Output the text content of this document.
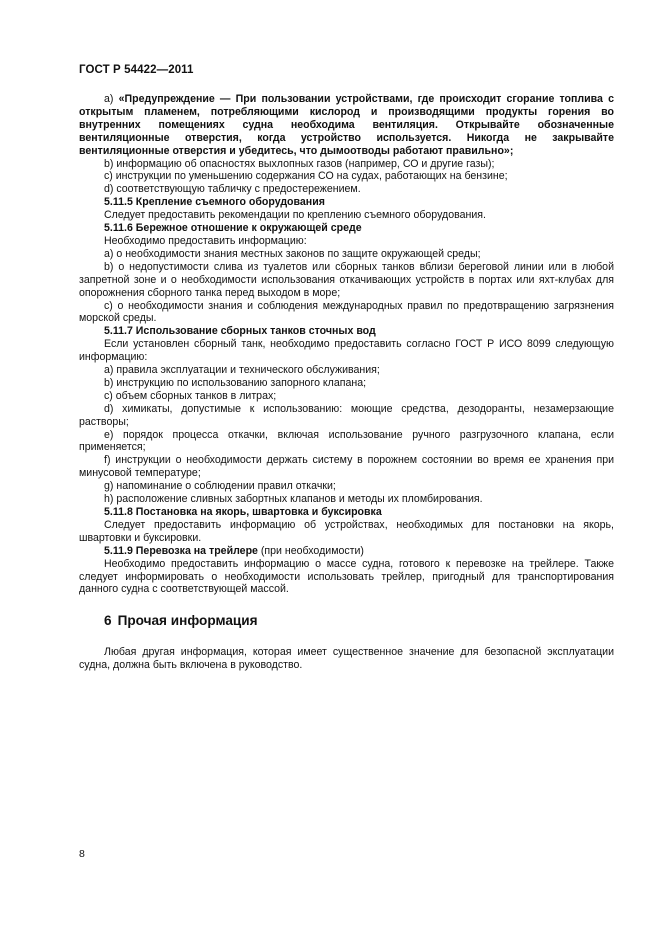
ГОСТ Р 54422—2011

а) «Предупреждение — При пользовании устройствами, где происходит сгорание топлива с открытым пламенем, потребляющими кислород и производящими продукты горения во внутренних помещениях судна необходима вентиляция. Открывайте обозначенные вентиляционные отверстия, когда устройство используется. Никогда не закрывайте вентиляционные отверстия и убедитесь, что дымоотводы работают правильно»;

b) информацию об опасностях выхлопных газов (например, СО и другие газы);

c) инструкции по уменьшению содержания СО на судах, работающих на бензине;

d) соответствующую табличку с предостережением.

5.11.5 Крепление съемного оборудования

Следует предоставить рекомендации по креплению съемного оборудования.

5.11.6 Бережное отношение к окружающей среде

Необходимо предоставить информацию:

а) о необходимости знания местных законов по защите окружающей среды;

b) о недопустимости слива из туалетов или сборных танков вблизи береговой линии или в любой запретной зоне и о необходимости использования откачивающих устройств в портах или яхт-клубах для опорожнения сборного танка перед выходом в море;

c) о необходимости знания и соблюдения международных правил по предотвращению загрязнения морской среды.

5.11.7 Использование сборных танков сточных вод

Если установлен сборный танк, необходимо предоставить согласно ГОСТ Р ИСО 8099 следующую информацию:

а) правила эксплуатации и технического обслуживания;

b) инструкцию по использованию запорного клапана;

c) объем сборных танков в литрах;

d) химикаты, допустимые к использованию: моющие средства, дезодоранты, незамерзающие растворы;

e) порядок процесса откачки, включая использование ручного разгрузочного клапана, если применяется;

f) инструкции о необходимости держать систему в порожнем состоянии во время ее хранения при минусовой температуре;

g) напоминание о соблюдении правил откачки;

h) расположение сливных забортных клапанов и методы их пломбирования.

5.11.8 Постановка на якорь, швартовка и буксировка

Следует предоставить информацию об устройствах, необходимых для постановки на якорь, швартовки и буксировки.

5.11.9 Перевозка на трейлере (при необходимости)

Необходимо предоставить информацию о массе судна, готового к перевозке на трейлере. Также следует информировать о необходимости использовать трейлер, пригодный для транспортирования данного судна с соответствующей массой.

6 Прочая информация

Любая другая информация, которая имеет существенное значение для безопасной эксплуатации судна, должна быть включена в руководство.

8
